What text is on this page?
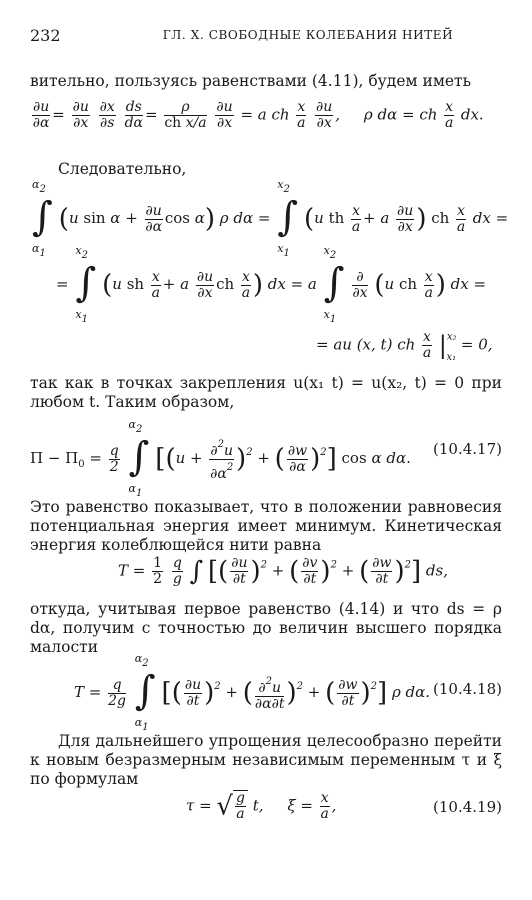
232	ГЛ. X. СВОБОДНЫЕ КОЛЕБАНИЯ НИТЕЙ
вительно, пользуясь равенствами (4.11), будем иметь
$\frac{\partial u}{\partial\alpha} = \frac{\partial u}{\partial x}$
$\frac{\partial x}{\partial s}$
$\frac{ds}{d\alpha} = \frac{\rho}{\text{ch x/a}}$
$\frac{\partial u}{\partial x} = a$ ch $\frac{x}{a}$
$\frac{\partial u}{\partial x}$ ,     ρ dα = ch $\frac{x}{a}$ dx.
Следовательно,
α2
∫
α1
(u $\sin \alpha + \frac{\partial u}{\partial\alpha}$ cos α) ρ dα =
x2
∫
x1
(u th $\frac{x}{a} + a \frac{\partial u}{\partial x}$ ) ch $\frac{x}{a}$ dx =
=
x2
∫
x1
(u sh $\frac{x}{a} + a \frac{\partial u}{\partial x}$ ch $\frac{x}{a}$ ) dx = a
x2
∫
x1

$\frac{\partial}{\partial x} (u$ ch $\frac{x}{a}$ ) dx =
= au (x, t) ch $\frac{x}{a} |^{x_2}_{x_1} = 0$,
так как в точках закрепления u(x₁ t) = u(x₂, t) = 0 при любом t. Таким образом,
$\Pi - \Pi_0 = \frac{q}{2}$

α2
∫
α1
[$(u + \frac{\partial^2u}{\partial\alpha^2} )^2$ + ( $\frac{\partial w}{\partial\alpha} )^2$] cos α dα. (10.4.17)
Это равенство показывает, что в положении равновесия потенциальная энергия имеет минимум. Кинетическая энергия колеблющейся нити равна
$T = \frac{1}{2}$
$\frac{q}{g}$ ∫ [( $\frac{\partial u}{\partial t} )^2$ + ( $\frac{\partial v}{\partial t} )^2$ + ( $\frac{\partial w}{\partial t} )^2$] ds,
откуда, учитывая первое равенство (4.14) и что ds = ρ dα, получим с точностью до величин высшего порядка малости
$T = \frac{q}{2g}$

α2
∫
α1
[( $\frac{\partial u}{\partial t} )^2$ + ( $\frac{\partial^2u}{\partial\alpha\partial t} )^2$ + ( $\frac{\partial w}{\partial t} )^2$] ρ dα. (10.4.18)
Для дальнейшего упрощения целесообразно перейти к новым безразмерным независимым переменным τ и ξ по формулам
τ = √ $\frac{g}{a} t$,     $\xi = \frac{x}{a}$ ,	(10.4.19)
